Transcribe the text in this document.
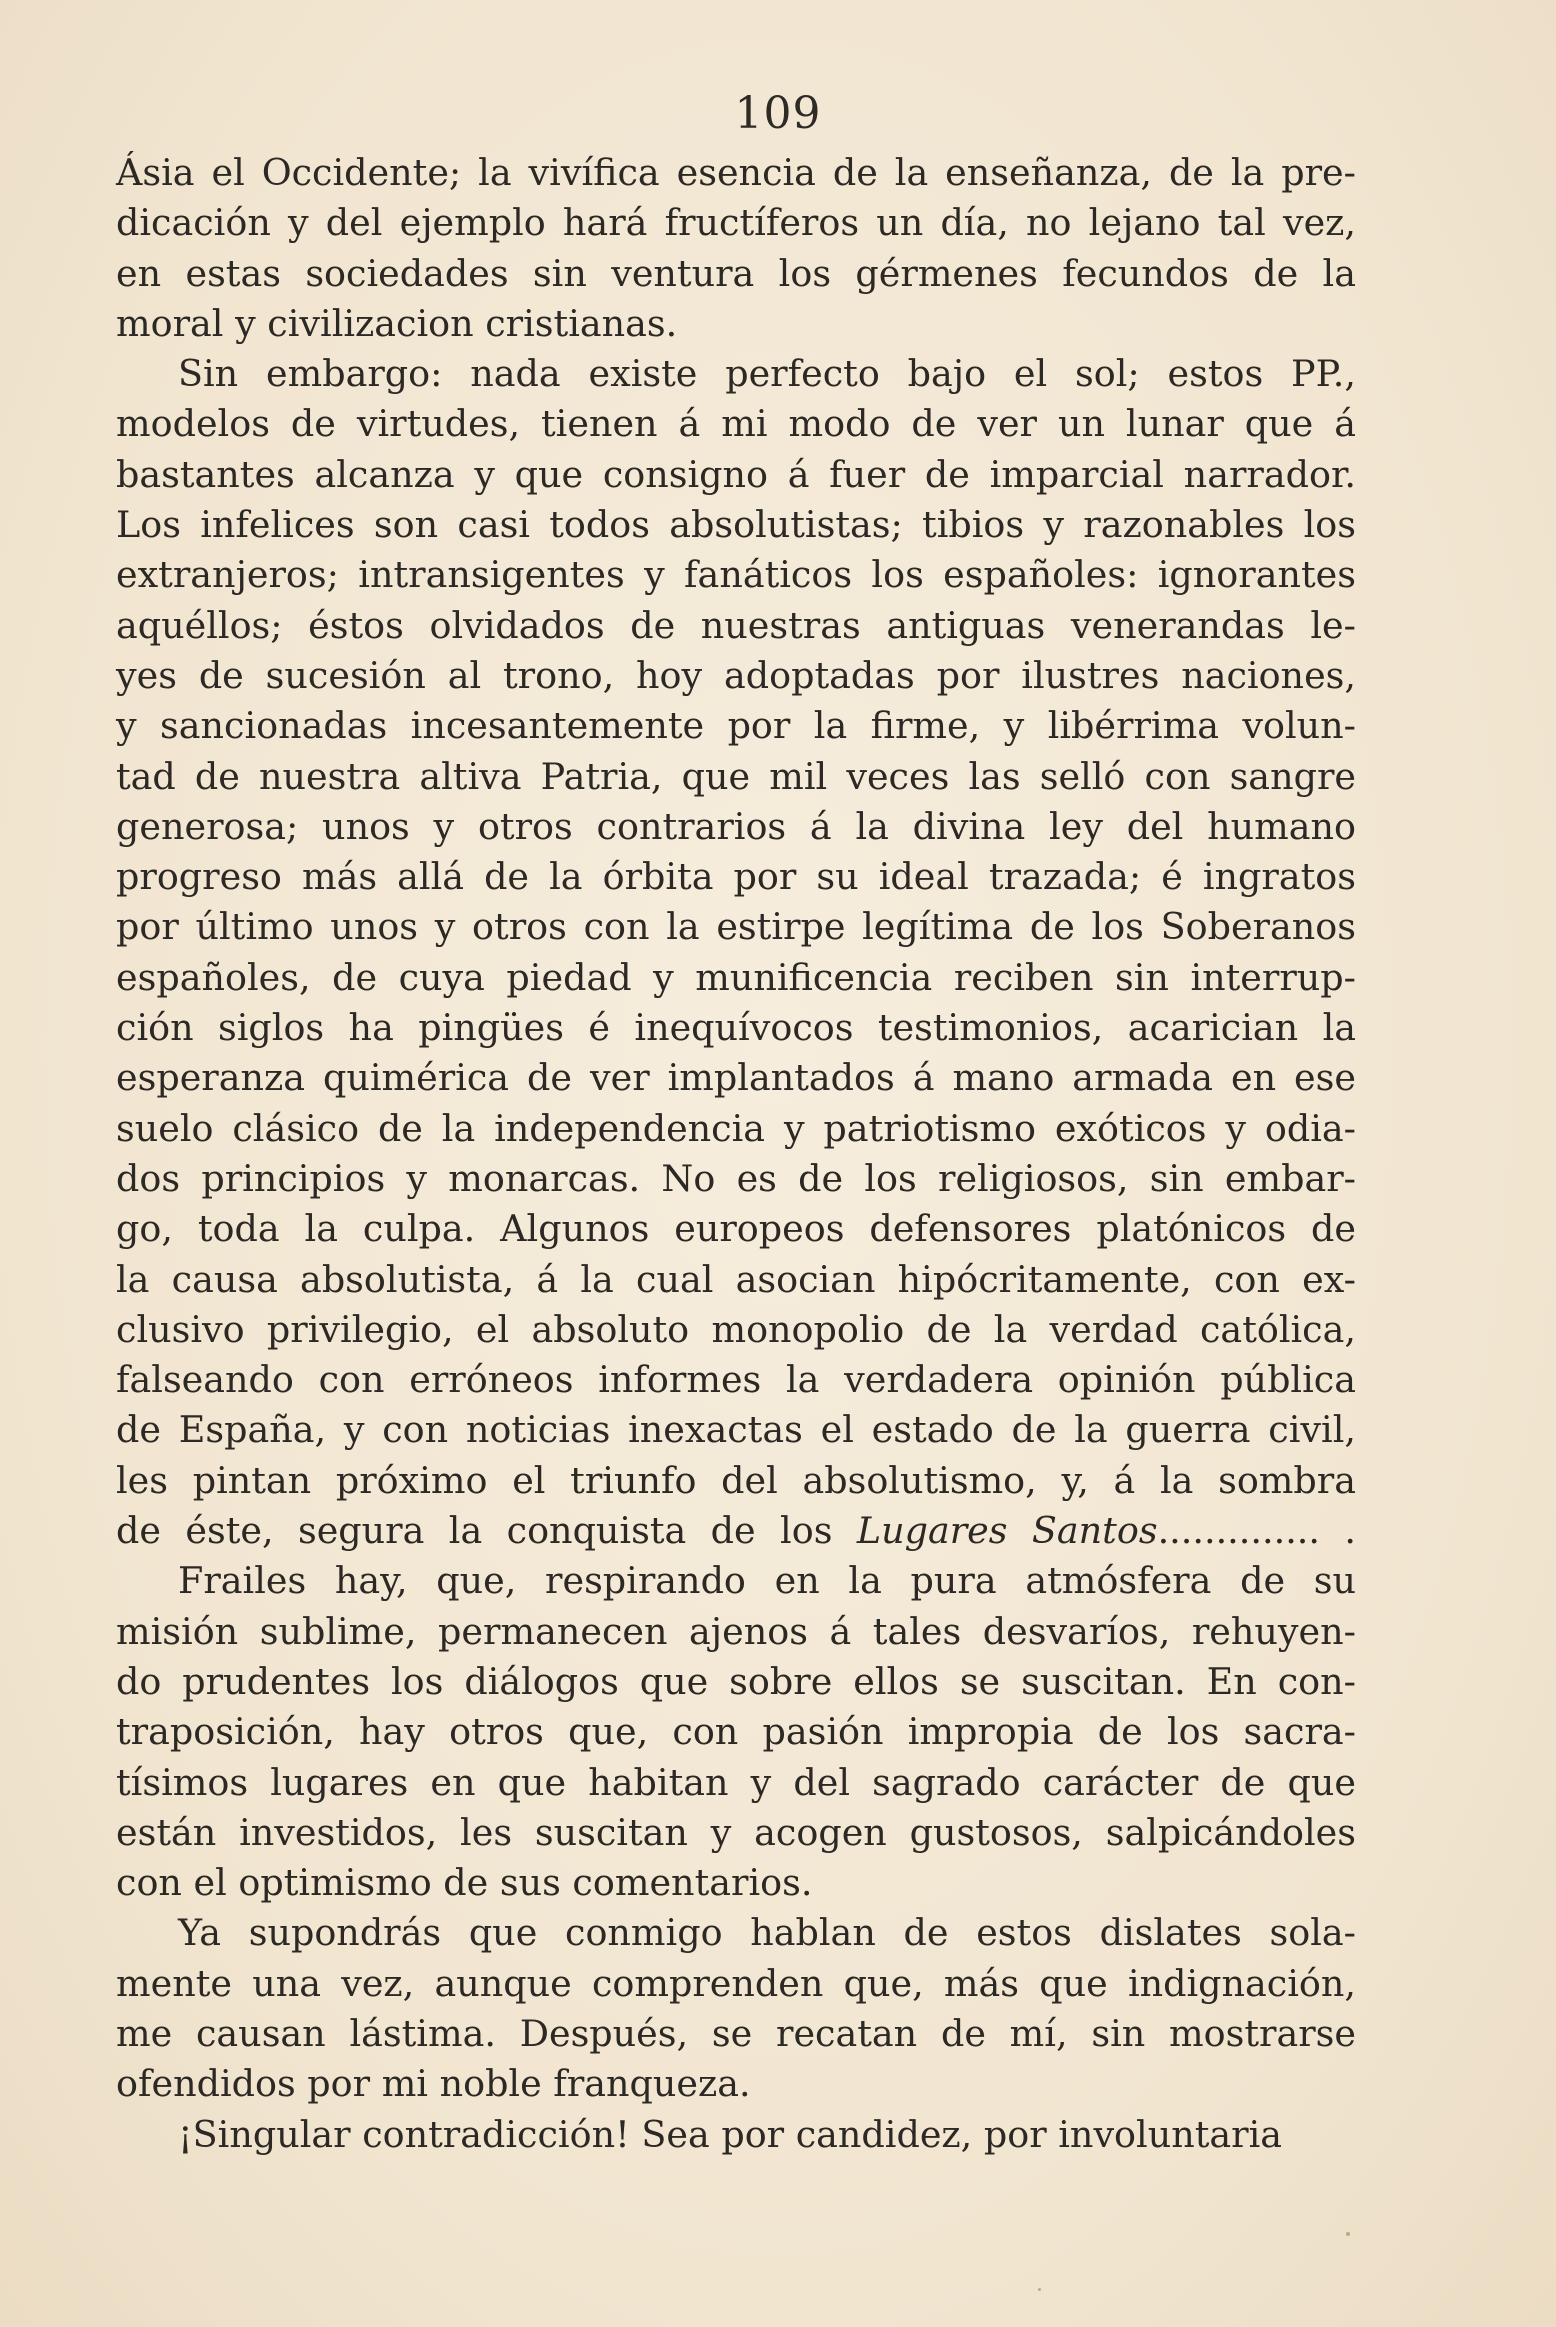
109
Ásia el Occidente; la vivífica esencia de la enseñanza, de la pre-
dicación y del ejemplo hará fructíferos un día, no lejano tal vez,
en estas sociedades sin ventura los gérmenes fecundos de la
moral y civilizacion cristianas.
Sin embargo: nada existe perfecto bajo el sol; estos PP.,
modelos de virtudes, tienen á mi modo de ver un lunar que á
bastantes alcanza y que consigno á fuer de imparcial narrador.
Los infelices son casi todos absolutistas; tibios y razonables los
extranjeros; intransigentes y fanáticos los españoles: ignorantes
aquéllos; éstos olvidados de nuestras antiguas venerandas le-
yes de sucesión al trono, hoy adoptadas por ilustres naciones,
y sancionadas incesantemente por la firme, y libérrima volun-
tad de nuestra altiva Patria, que mil veces las selló con sangre
generosa; unos y otros contrarios á la divina ley del humano
progreso más allá de la órbita por su ideal trazada; é ingratos
por último unos y otros con la estirpe legítima de los Soberanos
españoles, de cuya piedad y munificencia reciben sin interrup-
ción siglos ha pingües é inequívocos testimonios, acarician la
esperanza quimérica de ver implantados á mano armada en ese
suelo clásico de la independencia y patriotismo exóticos y odia-
dos principios y monarcas. No es de los religiosos, sin embar-
go, toda la culpa. Algunos europeos defensores platónicos de
la causa absolutista, á la cual asocian hipócritamente, con ex-
clusivo privilegio, el absoluto monopolio de la verdad católica,
falseando con erróneos informes la verdadera opinión pública
de España, y con noticias inexactas el estado de la guerra civil,
les pintan próximo el triunfo del absolutismo, y, á la sombra
de éste, segura la conquista de los Lugares Santos.............. .
Frailes hay, que, respirando en la pura atmósfera de su
misión sublime, permanecen ajenos á tales desvaríos, rehuyen-
do prudentes los diálogos que sobre ellos se suscitan. En con-
traposición, hay otros que, con pasión impropia de los sacra-
tísimos lugares en que habitan y del sagrado carácter de que
están investidos, les suscitan y acogen gustosos, salpicándoles
con el optimismo de sus comentarios.
Ya supondrás que conmigo hablan de estos dislates sola-
mente una vez, aunque comprenden que, más que indignación,
me causan lástima. Después, se recatan de mí, sin mostrarse
ofendidos por mi noble franqueza.
¡Singular contradicción! Sea por candidez, por involuntaria
